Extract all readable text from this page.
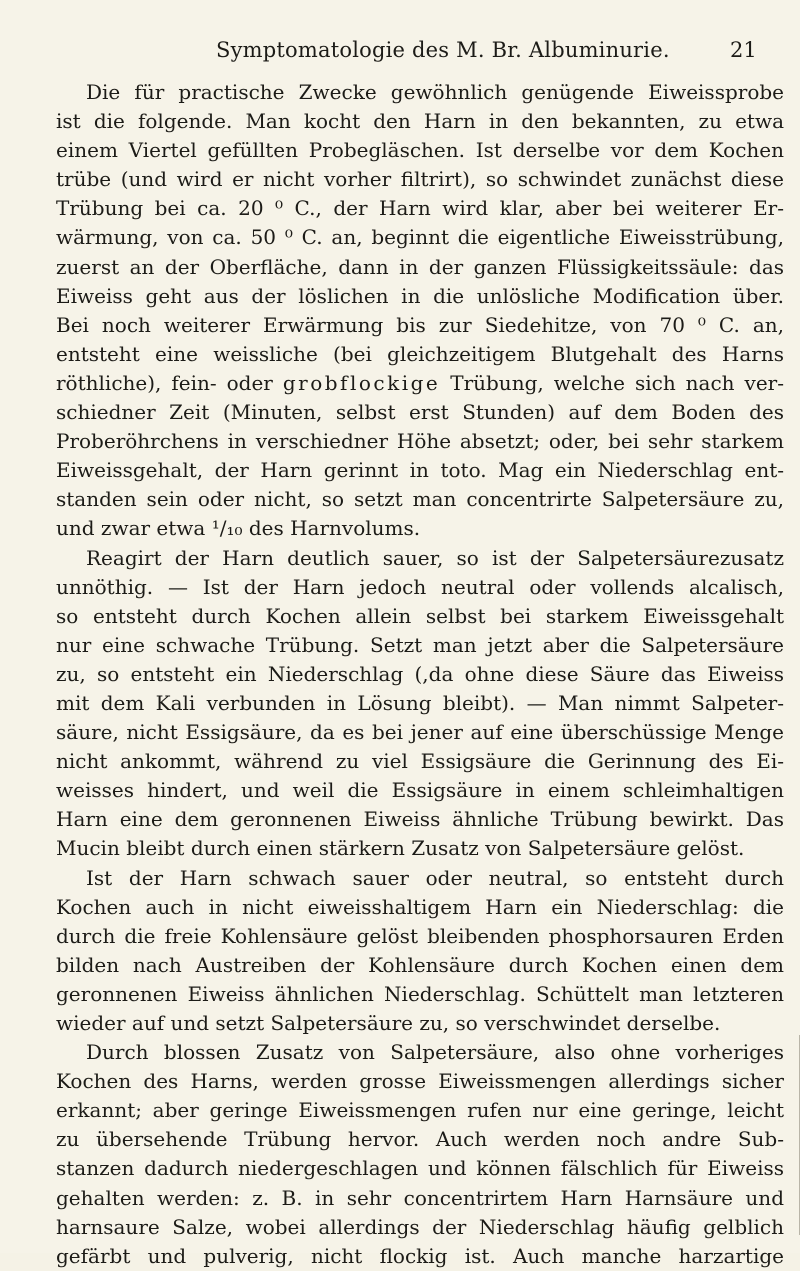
Symptomatologie des M. Br. Albuminurie.	21
Die für practische Zwecke gewöhnlich genügende Eiweissprobe
ist die folgende. Man kocht den Harn in den bekannten, zu etwa
einem Viertel gefüllten Probegläschen. Ist derselbe vor dem Kochen
trübe (und wird er nicht vorher filtrirt), so schwindet zunächst diese
Trübung bei ca. 20 ⁰ C., der Harn wird klar, aber bei weiterer Er-
wärmung, von ca. 50 ⁰ C. an, beginnt die eigentliche Eiweisstrübung,
zuerst an der Oberfläche, dann in der ganzen Flüssigkeitssäule: das
Eiweiss geht aus der löslichen in die unlösliche Modification über.
Bei noch weiterer Erwärmung bis zur Siedehitze, von 70 ⁰ C. an,
entsteht eine weissliche (bei gleichzeitigem Blutgehalt des Harns
röthliche), fein- oder grobflockige Trübung, welche sich nach ver-
schiedner Zeit (Minuten, selbst erst Stunden) auf dem Boden des
Proberöhrchens in verschiedner Höhe absetzt; oder, bei sehr starkem
Eiweissgehalt, der Harn gerinnt in toto. Mag ein Niederschlag ent-
standen sein oder nicht, so setzt man concentrirte Salpetersäure zu,
und zwar etwa ¹/₁₀ des Harnvolums.
Reagirt der Harn deutlich sauer, so ist der Salpetersäurezusatz
unnöthig. — Ist der Harn jedoch neutral oder vollends alcalisch,
so entsteht durch Kochen allein selbst bei starkem Eiweissgehalt
nur eine schwache Trübung. Setzt man jetzt aber die Salpetersäure
zu, so entsteht ein Niederschlag (,da ohne diese Säure das Eiweiss
mit dem Kali verbunden in Lösung bleibt). — Man nimmt Salpeter-
säure, nicht Essigsäure, da es bei jener auf eine überschüssige Menge
nicht ankommt, während zu viel Essigsäure die Gerinnung des Ei-
weisses hindert, und weil die Essigsäure in einem schleimhaltigen
Harn eine dem geronnenen Eiweiss ähnliche Trübung bewirkt. Das
Mucin bleibt durch einen stärkern Zusatz von Salpetersäure gelöst.
Ist der Harn schwach sauer oder neutral, so entsteht durch
Kochen auch in nicht eiweisshaltigem Harn ein Niederschlag: die
durch die freie Kohlensäure gelöst bleibenden phosphorsauren Erden
bilden nach Austreiben der Kohlensäure durch Kochen einen dem
geronnenen Eiweiss ähnlichen Niederschlag. Schüttelt man letzteren
wieder auf und setzt Salpetersäure zu, so verschwindet derselbe.
Durch blossen Zusatz von Salpetersäure, also ohne vorheriges
Kochen des Harns, werden grosse Eiweissmengen allerdings sicher
erkannt; aber geringe Eiweissmengen rufen nur eine geringe, leicht
zu übersehende Trübung hervor. Auch werden noch andre Sub-
stanzen dadurch niedergeschlagen und können fälschlich für Eiweiss
gehalten werden: z. B. in sehr concentrirtem Harn Harnsäure und
harnsaure Salze, wobei allerdings der Niederschlag häufig gelblich
gefärbt und pulverig, nicht flockig ist. Auch manche harzartige
